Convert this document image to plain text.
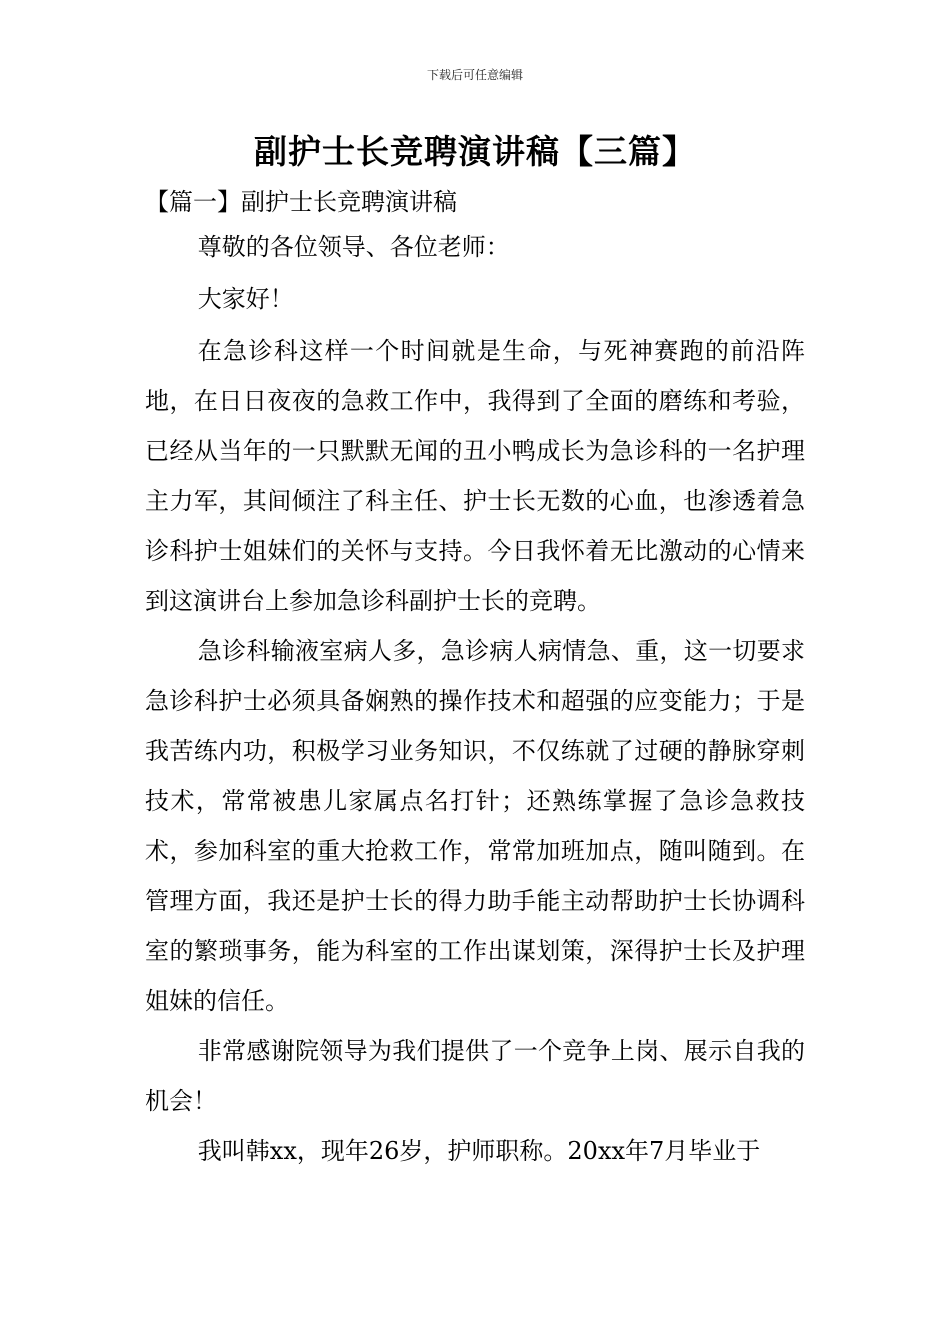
下载后可任意编辑
副护士长竞聘演讲稿【三篇】
【篇一】副护士长竞聘演讲稿

尊敬的各位领导、各位老师：

大家好！

在急诊科这样一个时间就是生命，与死神赛跑的前沿阵地，在日日夜夜的急救工作中，我得到了全面的磨练和考验，已经从当年的一只默默无闻的丑小鸭成长为急诊科的一名护理主力军，其间倾注了科主任、护士长无数的心血，也渗透着急诊科护士姐妹们的关怀与支持。今日我怀着无比激动的心情来到这演讲台上参加急诊科副护士长的竞聘。

急诊科输液室病人多，急诊病人病情急、重，这一切要求急诊科护士必须具备娴熟的操作技术和超强的应变能力；于是我苦练内功，积极学习业务知识，不仅练就了过硬的静脉穿刺技术，常常被患儿家属点名打针；还熟练掌握了急诊急救技术，参加科室的重大抢救工作，常常加班加点，随叫随到。在管理方面，我还是护士长的得力助手能主动帮助护士长协调科室的繁琐事务，能为科室的工作出谋划策，深得护士长及护理姐妹的信任。

非常感谢院领导为我们提供了一个竞争上岗、展示自我的机会！

我叫韩xx，现年26岁，护师职称。20xx年7月毕业于
